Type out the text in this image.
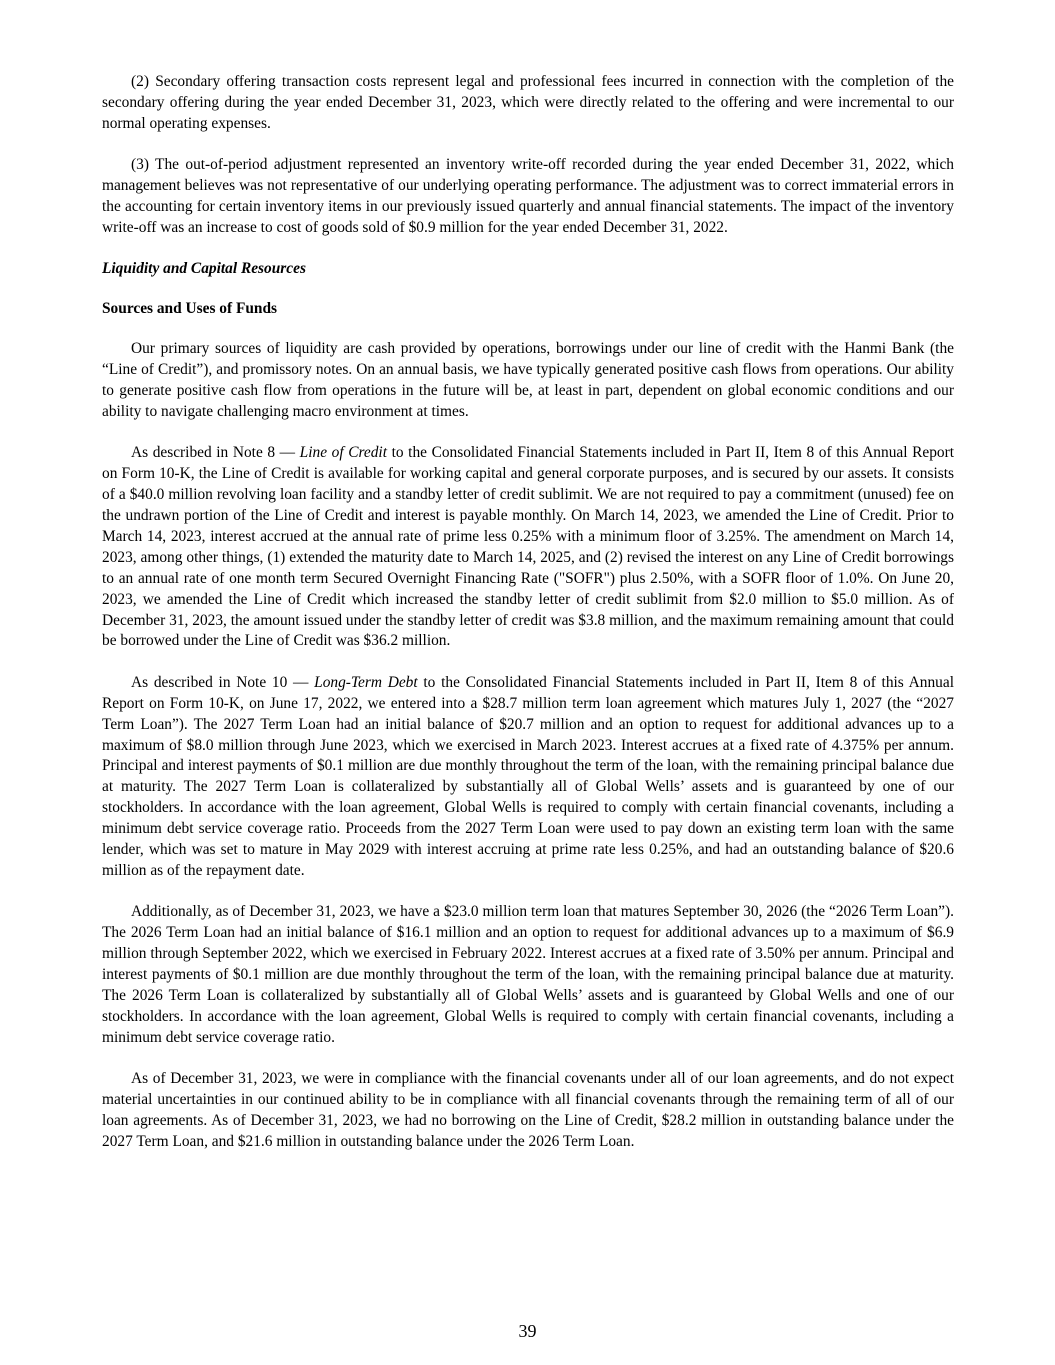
(2) Secondary offering transaction costs represent legal and professional fees incurred in connection with the completion of the secondary offering during the year ended December 31, 2023, which were directly related to the offering and were incremental to our normal operating expenses.

(3) The out-of-period adjustment represented an inventory write-off recorded during the year ended December 31, 2022, which management believes was not representative of our underlying operating performance. The adjustment was to correct immaterial errors in the accounting for certain inventory items in our previously issued quarterly and annual financial statements. The impact of the inventory write-off was an increase to cost of goods sold of $0.9 million for the year ended December 31, 2022.

Liquidity and Capital Resources
Sources and Uses of Funds

Our primary sources of liquidity are cash provided by operations, borrowings under our line of credit with the Hanmi Bank (the “Line of Credit”), and promissory notes. On an annual basis, we have typically generated positive cash flows from operations. Our ability to generate positive cash flow from operations in the future will be, at least in part, dependent on global economic conditions and our ability to navigate challenging macro environment at times.

As described in Note 8 — Line of Credit to the Consolidated Financial Statements included in Part II, Item 8 of this Annual Report on Form 10-K, the Line of Credit is available for working capital and general corporate purposes, and is secured by our assets. It consists of a $40.0 million revolving loan facility and a standby letter of credit sublimit. We are not required to pay a commitment (unused) fee on the undrawn portion of the Line of Credit and interest is payable monthly. On March 14, 2023, we amended the Line of Credit. Prior to March 14, 2023, interest accrued at the annual rate of prime less 0.25% with a minimum floor of 3.25%. The amendment on March 14, 2023, among other things, (1) extended the maturity date to March 14, 2025, and (2) revised the interest on any Line of Credit borrowings to an annual rate of one month term Secured Overnight Financing Rate ("SOFR") plus 2.50%, with a SOFR floor of 1.0%. On June 20, 2023, we amended the Line of Credit which increased the standby letter of credit sublimit from $2.0 million to $5.0 million. As of December 31, 2023, the amount issued under the standby letter of credit was $3.8 million, and the maximum remaining amount that could be borrowed under the Line of Credit was $36.2 million.

As described in Note 10 — Long-Term Debt to the Consolidated Financial Statements included in Part II, Item 8 of this Annual Report on Form 10-K, on June 17, 2022, we entered into a $28.7 million term loan agreement which matures July 1, 2027 (the “2027 Term Loan”). The 2027 Term Loan had an initial balance of $20.7 million and an option to request for additional advances up to a maximum of $8.0 million through June 2023, which we exercised in March 2023. Interest accrues at a fixed rate of 4.375% per annum. Principal and interest payments of $0.1 million are due monthly throughout the term of the loan, with the remaining principal balance due at maturity. The 2027 Term Loan is collateralized by substantially all of Global Wells’ assets and is guaranteed by one of our stockholders. In accordance with the loan agreement, Global Wells is required to comply with certain financial covenants, including a minimum debt service coverage ratio. Proceeds from the 2027 Term Loan were used to pay down an existing term loan with the same lender, which was set to mature in May 2029 with interest accruing at prime rate less 0.25%, and had an outstanding balance of $20.6 million as of the repayment date.

Additionally, as of December 31, 2023, we have a $23.0 million term loan that matures September 30, 2026 (the “2026 Term Loan”). The 2026 Term Loan had an initial balance of $16.1 million and an option to request for additional advances up to a maximum of $6.9 million through September 2022, which we exercised in February 2022. Interest accrues at a fixed rate of 3.50% per annum. Principal and interest payments of $0.1 million are due monthly throughout the term of the loan, with the remaining principal balance due at maturity. The 2026 Term Loan is collateralized by substantially all of Global Wells’ assets and is guaranteed by Global Wells and one of our stockholders. In accordance with the loan agreement, Global Wells is required to comply with certain financial covenants, including a minimum debt service coverage ratio.

As of December 31, 2023, we were in compliance with the financial covenants under all of our loan agreements, and do not expect material uncertainties in our continued ability to be in compliance with all financial covenants through the remaining term of all of our loan agreements. As of December 31, 2023, we had no borrowing on the Line of Credit, $28.2 million in outstanding balance under the 2027 Term Loan, and $21.6 million in outstanding balance under the 2026 Term Loan.

39
